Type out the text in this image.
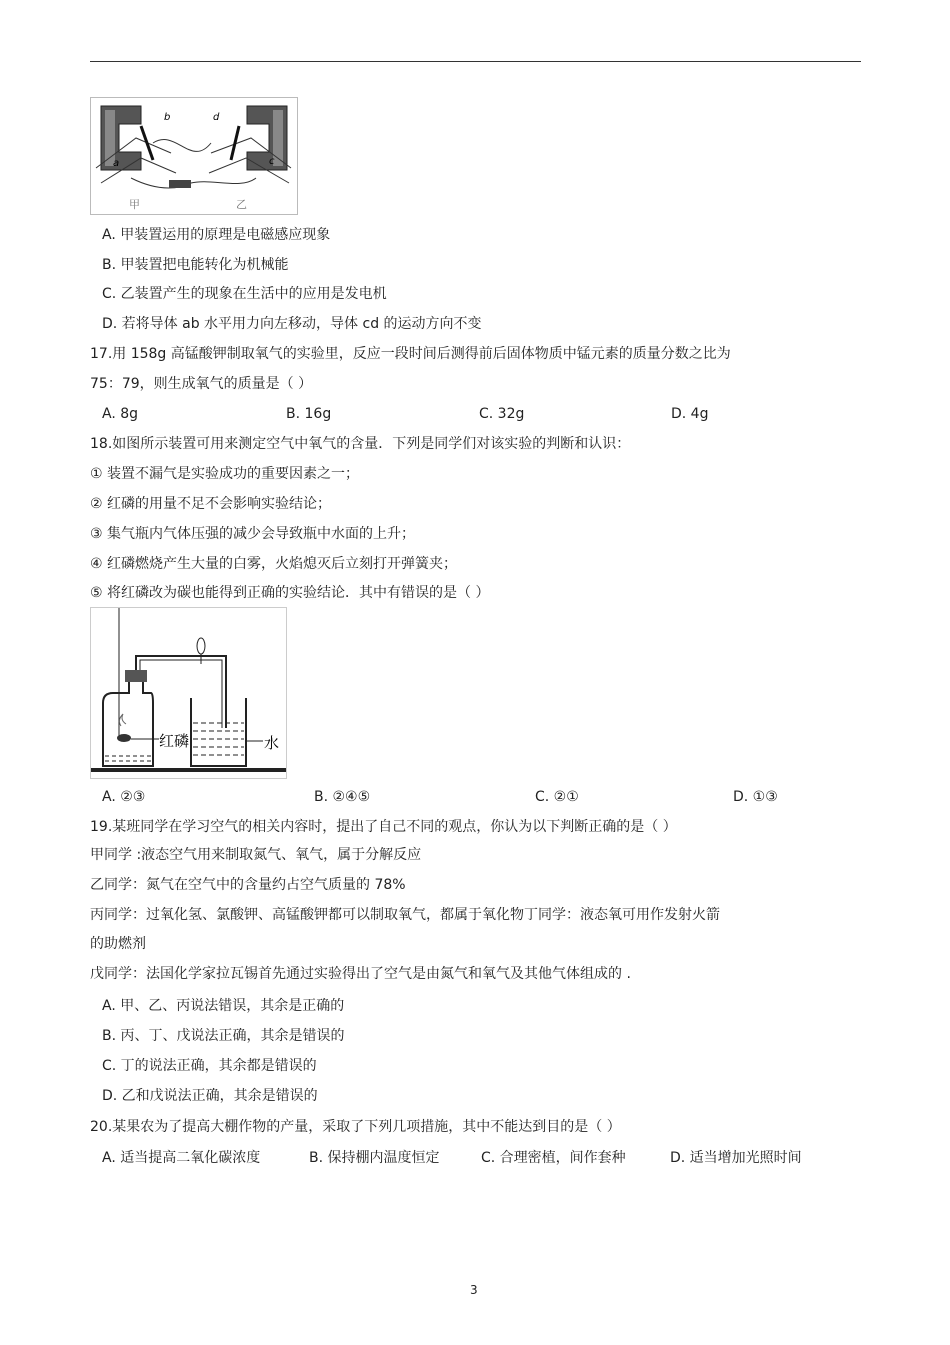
b	d
a	c
甲	乙
A. 甲装置运用的原理是电磁感应现象
B. 甲装置把电能转化为机械能
C. 乙装置产生的现象在生活中的应用是发电机
D. 若将导体 ab 水平用力向左移动，导体 cd 的运动方向不变
17.用 158g 高锰酸钾制取氧气的实验里，反应一段时间后测得前后固体物质中锰元素的质量分数之比为
75：79，则生成氧气的质量是（ ）
A. 8g	B. 16g	C. 32g	D. 4g
18.如图所示装置可用来测定空气中氧气的含量．下列是同学们对该实验的判断和认识：
① 装置不漏气是实验成功的重要因素之一；
② 红磷的用量不足不会影响实验结论；
③ 集气瓶内气体压强的减少会导致瓶中水面的上升；
④ 红磷燃烧产生大量的白雾，火焰熄灭后立刻打开弹簧夹；
⑤ 将红磷改为碳也能得到正确的实验结论．其中有错误的是（ ）
红磷	水
A. ②③	B. ②④⑤	C. ②①	D. ①③
19.某班同学在学习空气的相关内容时，提出了自己不同的观点，你认为以下判断正确的是（ ）
甲同学 :液态空气用来制取氮气、氧气，属于分解反应
乙同学：氮气在空气中的含量约占空气质量的 78%
丙同学：过氧化氢、氯酸钾、高锰酸钾都可以制取氧气，都属于氧化物丁同学：液态氧可用作发射火箭
的助燃剂
戊同学：法国化学家拉瓦锡首先通过实验得出了空气是由氮气和氧气及其他气体组成的 .
A. 甲、乙、丙说法错误，其余是正确的
B. 丙、丁、戊说法正确，其余是错误的
C. 丁的说法正确，其余都是错误的
D. 乙和戊说法正确，其余是错误的
20.某果农为了提高大棚作物的产量，采取了下列几项措施，其中不能达到目的是（ ）
A. 适当提高二氧化碳浓度	B. 保持棚内温度恒定	C. 合理密植，间作套种	D. 适当增加光照时间
3
